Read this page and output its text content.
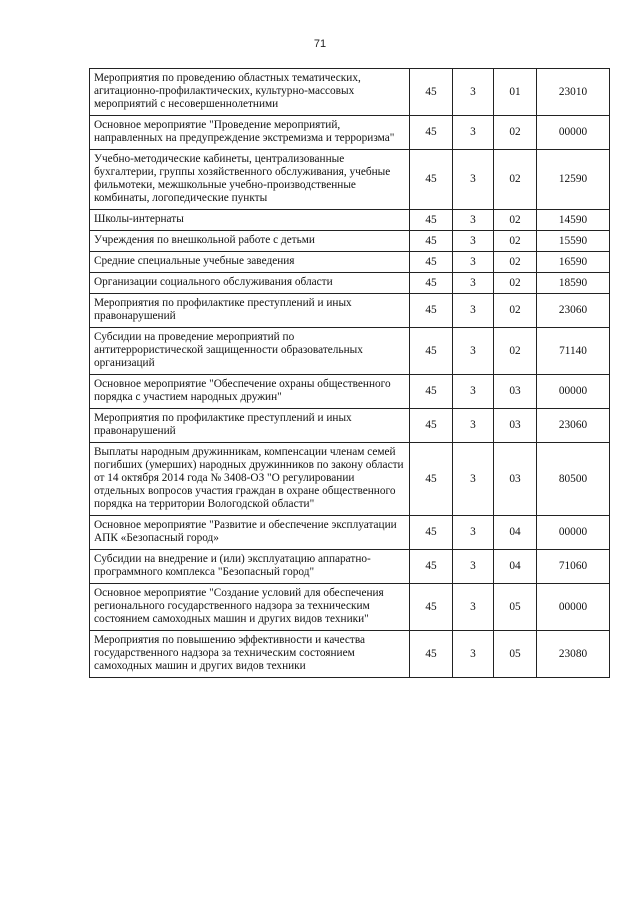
71
Мероприятия по проведению областных тематических, агитационно-профилактических, культурно-массовых мероприятий с несовершеннолетними	45	3	01	23010
Основное мероприятие "Проведение мероприятий, направленных на предупреждение экстремизма и терроризма"	45	3	02	00000
Учебно-методические кабинеты, централизованные бухгалтерии, группы хозяйственного обслуживания, учебные фильмотеки, межшкольные учебно-производственные комбинаты, логопедические пункты	45	3	02	12590
Школы-интернаты	45	3	02	14590
Учреждения по внешкольной работе с детьми	45	3	02	15590
Средние специальные учебные заведения	45	3	02	16590
Организации социального обслуживания области	45	3	02	18590
Мероприятия по профилактике преступлений и иных правонарушений	45	3	02	23060
Субсидии на проведение мероприятий по антитеррористической защищенности образовательных организаций	45	3	02	71140
Основное мероприятие "Обеспечение охраны общественного порядка с участием народных дружин"	45	3	03	00000
Мероприятия по профилактике преступлений и иных правонарушений	45	3	03	23060
Выплаты народным дружинникам, компенсации членам семей погибших (умерших) народных дружинников по закону области от 14 октября 2014 года № 3408-ОЗ "О регулировании отдельных вопросов участия граждан в охране общественного порядка на территории Вологодской области"	45	3	03	80500
Основное мероприятие "Развитие и обеспечение эксплуатации АПК «Безопасный город»	45	3	04	00000
Субсидии на внедрение и (или) эксплуатацию аппаратно-программного комплекса "Безопасный город"	45	3	04	71060
Основное мероприятие "Создание условий для обеспечения регионального государственного надзора за техническим состоянием самоходных машин и других видов техники"	45	3	05	00000
Мероприятия по повышению эффективности и качества государственного надзора за техническим состоянием самоходных машин и других видов техники	45	3	05	23080
